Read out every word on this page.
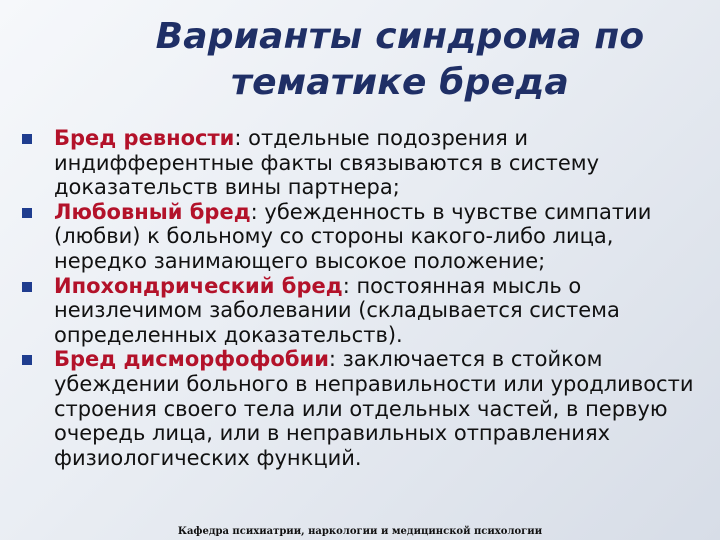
Варианты синдрома по
тематике бреда

Бред ревности: отдельные подозрения и индифферентные факты связываются в систему доказательств вины партнера;

Любовный бред: убежденность в чувстве симпатии (любви) к больному со стороны какого-либо лица, нередко занимающего высокое положение;

Ипохондрический бред: постоянная мысль о неизлечимом заболевании (складывается система определенных доказательств).

Бред дисморфофобии: заключается в стойком убеждении больного в неправильности или уродливости строения своего тела или отдельных частей, в первую очередь лица, или в неправильных отправлениях физиологических функций.

Кафедра психиатрии, наркологии и медицинской психологии
